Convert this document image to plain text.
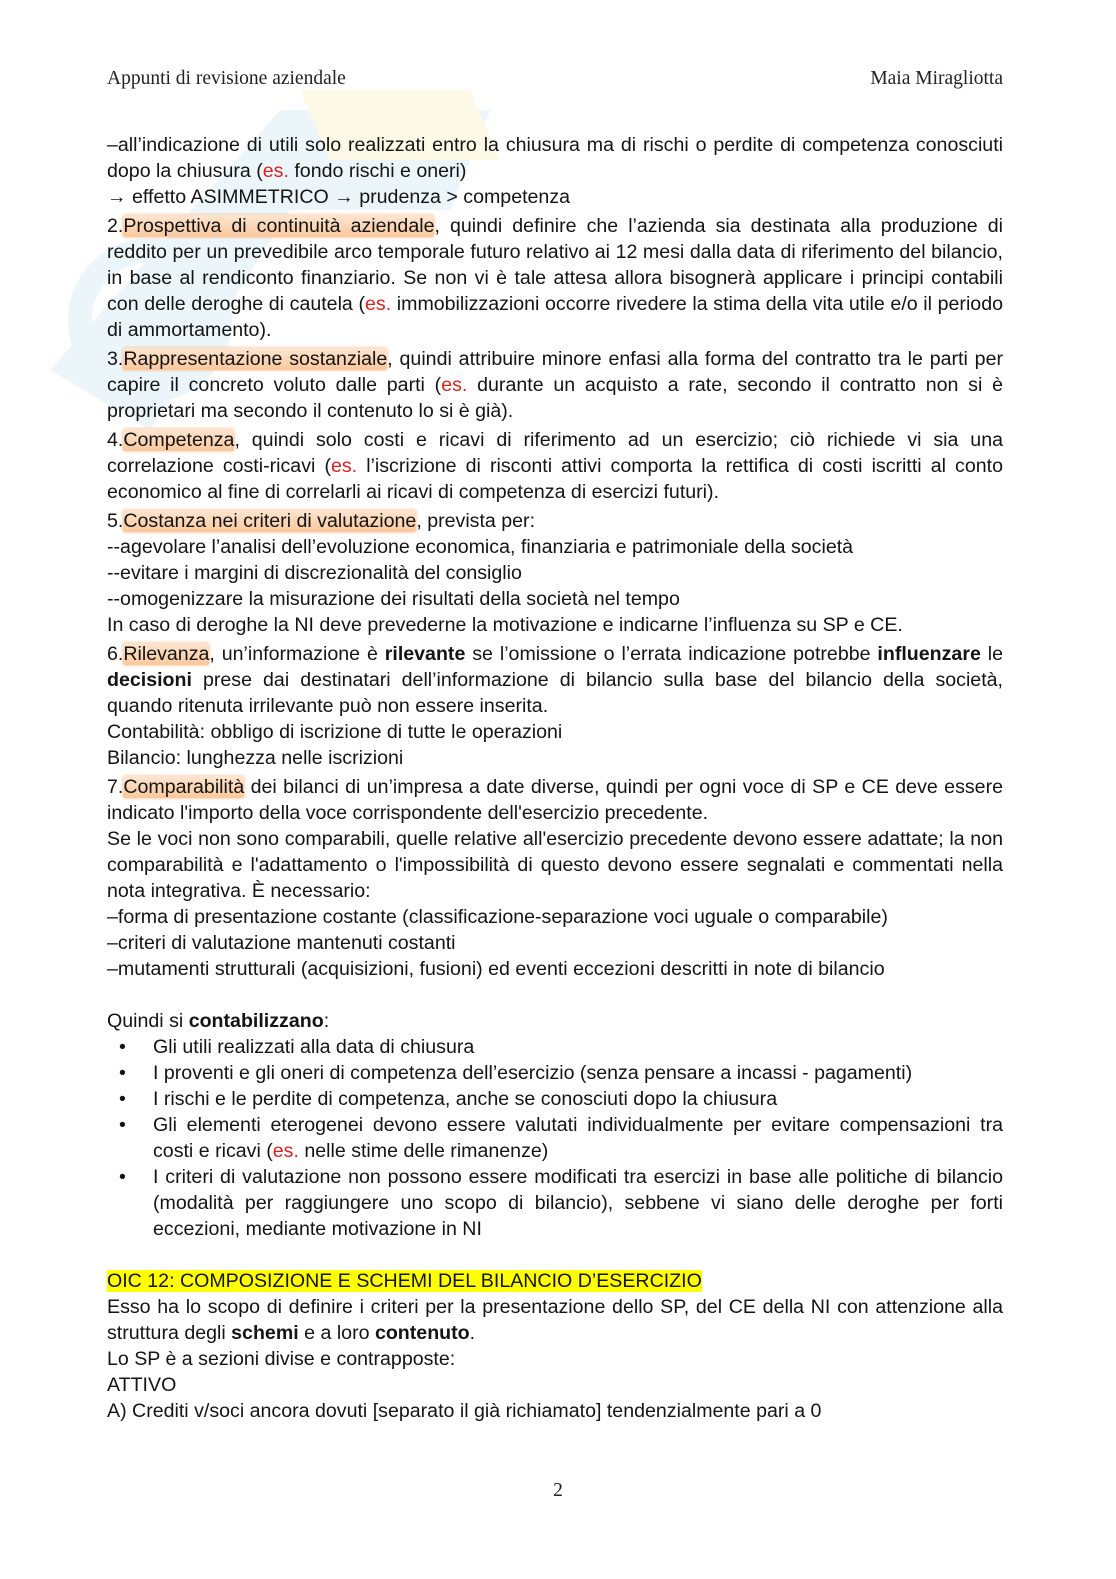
Appunti di revisione aziendale	Maia Miragliotta

–all’indicazione di utili solo realizzati entro la chiusura ma di rischi o perdite di competenza conosciuti dopo la chiusura (es. fondo rischi e oneri)

→ effetto ASIMMETRICO → prudenza > competenza

2.Prospettiva di continuità aziendale, quindi definire che l’azienda sia destinata alla produzione di reddito per un prevedibile arco temporale futuro relativo ai 12 mesi dalla data di riferimento del bilancio, in base al rendiconto finanziario. Se non vi è tale attesa allora bisognerà applicare i principi contabili con delle deroghe di cautela (es. immobilizzazioni occorre rivedere la stima della vita utile e/o il periodo di ammortamento).

3.Rappresentazione sostanziale, quindi attribuire minore enfasi alla forma del contratto tra le parti per capire il concreto voluto dalle parti (es. durante un acquisto a rate, secondo il contratto non si è proprietari ma secondo il contenuto lo si è già).

4.Competenza, quindi solo costi e ricavi di riferimento ad un esercizio; ciò richiede vi sia una correlazione costi-ricavi (es. l’iscrizione di risconti attivi comporta la rettifica di costi iscritti al conto economico al fine di correlarli ai ricavi di competenza di esercizi futuri).

5.Costanza nei criteri di valutazione, prevista per:

--agevolare l’analisi dell’evoluzione economica, finanziaria e patrimoniale della società

--evitare i margini di discrezionalità del consiglio

--omogenizzare la misurazione dei risultati della società nel tempo

In caso di deroghe la NI deve prevederne la motivazione e indicarne l’influenza su SP e CE.

6.Rilevanza, un’informazione è rilevante se l’omissione o l’errata indicazione potrebbe influenzare le decisioni prese dai destinatari dell’informazione di bilancio sulla base del bilancio della società, quando ritenuta irrilevante può non essere inserita.

Contabilità: obbligo di iscrizione di tutte le operazioni

Bilancio: lunghezza nelle iscrizioni

7.Comparabilità dei bilanci di un’impresa a date diverse, quindi per ogni voce di SP e CE deve essere indicato l'importo della voce corrispondente dell'esercizio precedente.

Se le voci non sono comparabili, quelle relative all'esercizio precedente devono essere adattate; la non comparabilità e l'adattamento o l'impossibilità di questo devono essere segnalati e commentati nella nota integrativa. È necessario:

–forma di presentazione costante (classificazione-separazione voci uguale o comparabile)

–criteri di valutazione mantenuti costanti

–mutamenti strutturali (acquisizioni, fusioni) ed eventi eccezioni descritti in note di bilancio

Quindi si contabilizzano:

• Gli utili realizzati alla data di chiusura
• I proventi e gli oneri di competenza dell’esercizio (senza pensare a incassi - pagamenti)
• I rischi e le perdite di competenza, anche se conosciuti dopo la chiusura
• Gli elementi eterogenei devono essere valutati individualmente per evitare compensazioni tra costi e ricavi (es. nelle stime delle rimanenze)
• I criteri di valutazione non possono essere modificati tra esercizi in base alle politiche di bilancio (modalità per raggiungere uno scopo di bilancio), sebbene vi siano delle deroghe per forti eccezioni, mediante motivazione in NI

OIC 12: COMPOSIZIONE E SCHEMI DEL BILANCIO D’ESERCIZIO

Esso ha lo scopo di definire i criteri per la presentazione dello SP, del CE della NI con attenzione alla struttura degli schemi e a loro contenuto.

Lo SP è a sezioni divise e contrapposte:

ATTIVO

A) Crediti v/soci ancora dovuti [separato il già richiamato] tendenzialmente pari a 0

2
